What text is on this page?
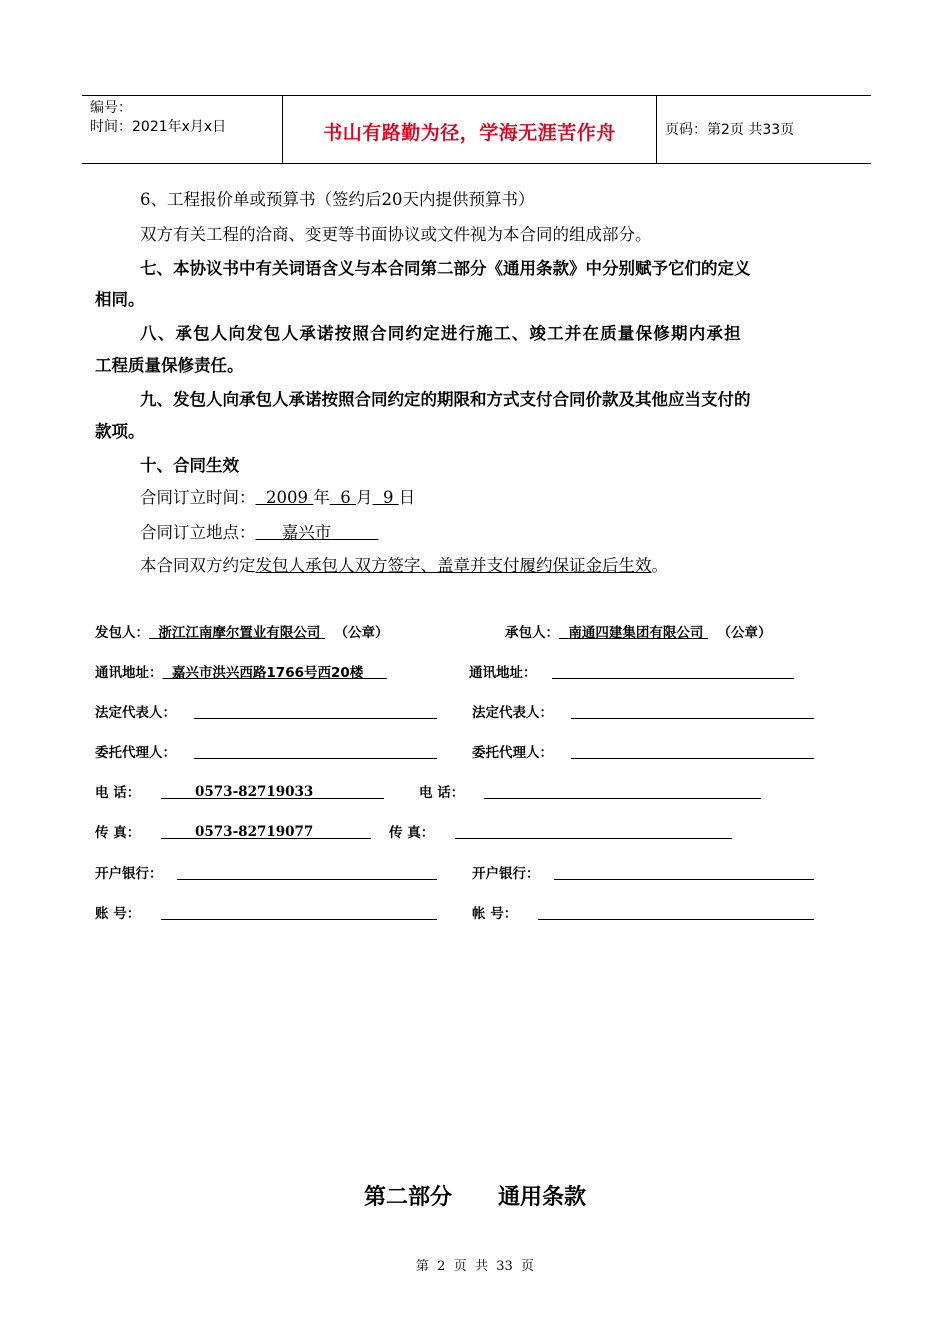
编号：
时间：2021年x月x日	书山有路勤为径，学海无涯苦作舟	页码：第2页 共33页
6、工程报价单或预算书（签约后20天内提供预算书）
双方有关工程的洽商、变更等书面协议或文件视为本合同的组成部分。
七、本协议书中有关词语含义与本合同第二部分《通用条款》中分别赋予它们的定义
相同。
八、承包人向发包人承诺按照合同约定进行施工、竣工并在质量保修期内承担
工程质量保修责任。
九、发包人向承包人承诺按照合同约定的期限和方式支付合同价款及其他应当支付的
款项。
十、合同生效
合同订立时间： 2009 年 6 月 9 日
合同订立地点： 嘉兴市
本合同双方约定发包人承包人双方签字、盖章并支付履约保证金后生效。
发包人： 浙江江南摩尔置业有限公司 （公章）	承包人： 南通四建集团有限公司 （公章）
通讯地址： 嘉兴市洪兴西路1766号西20楼	通讯地址：
法定代表人：	法定代表人：
委托代理人：	委托代理人：
电 话：	0573-82719033	电 话：
传 真：	0573-82719077	传 真：
开户银行：	开户银行：
账 号：	帐 号：
第二部分      通用条款
第  2  页  共  33  页
